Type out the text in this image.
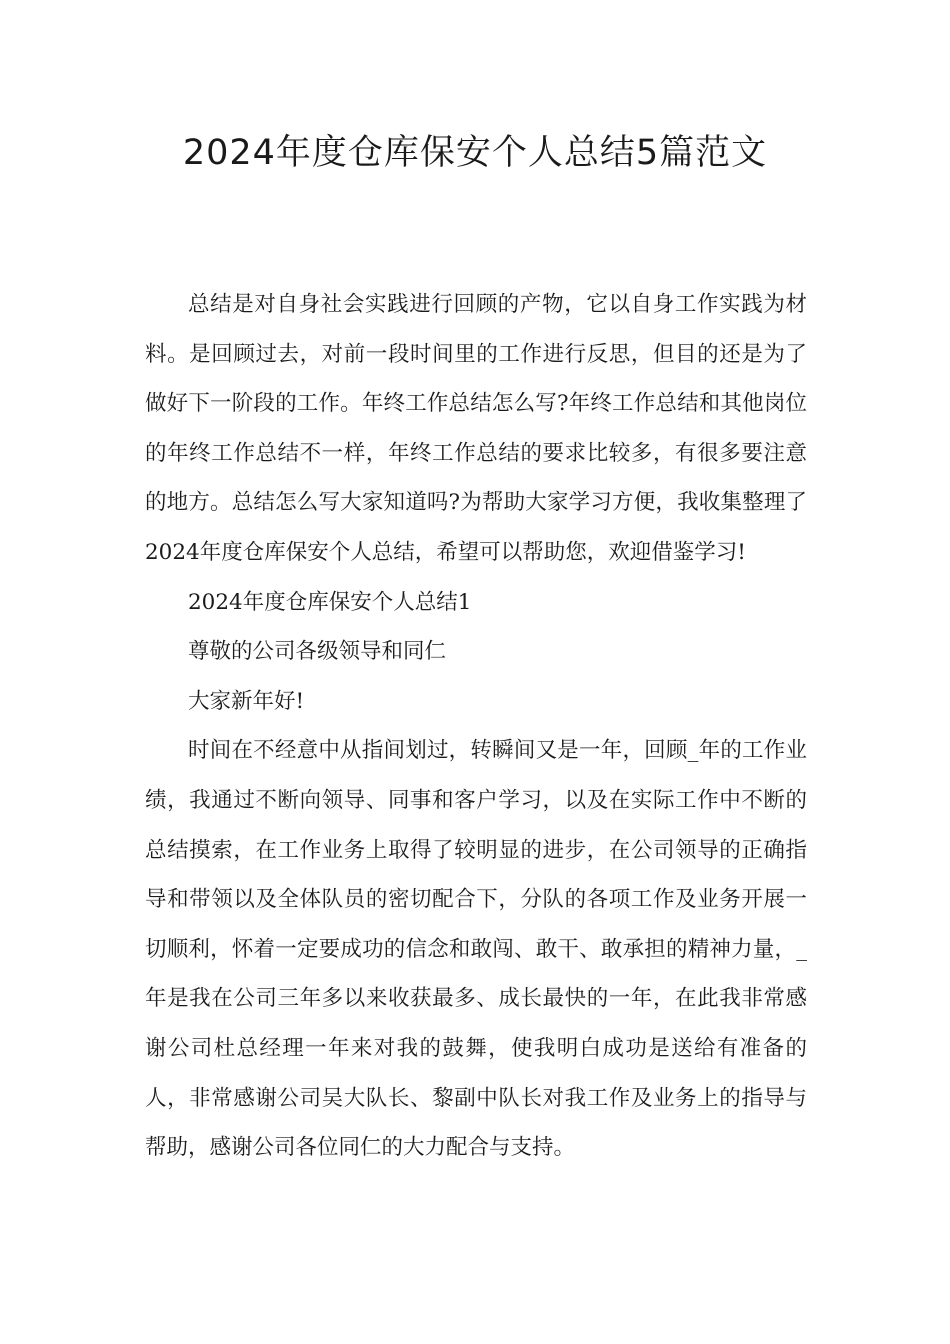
2024年度仓库保安个人总结5篇范文

总结是对自身社会实践进行回顾的产物，它以自身工作实践为材料。是回顾过去，对前一段时间里的工作进行反思，但目的还是为了做好下一阶段的工作。年终工作总结怎么写?年终工作总结和其他岗位的年终工作总结不一样，年终工作总结的要求比较多，有很多要注意的地方。总结怎么写大家知道吗?为帮助大家学习方便，我收集整理了2024年度仓库保安个人总结，希望可以帮助您，欢迎借鉴学习!

2024年度仓库保安个人总结1

尊敬的公司各级领导和同仁

大家新年好!

时间在不经意中从指间划过，转瞬间又是一年，回顾_年的工作业绩，我通过不断向领导、同事和客户学习，以及在实际工作中不断的总结摸索，在工作业务上取得了较明显的进步，在公司领导的正确指导和带领以及全体队员的密切配合下，分队的各项工作及业务开展一切顺利，怀着一定要成功的信念和敢闯、敢干、敢承担的精神力量，_年是我在公司三年多以来收获最多、成长最快的一年，在此我非常感谢公司杜总经理一年来对我的鼓舞，使我明白成功是送给有准备的人，非常感谢公司吴大队长、黎副中队长对我工作及业务上的指导与帮助，感谢公司各位同仁的大力配合与支持。
